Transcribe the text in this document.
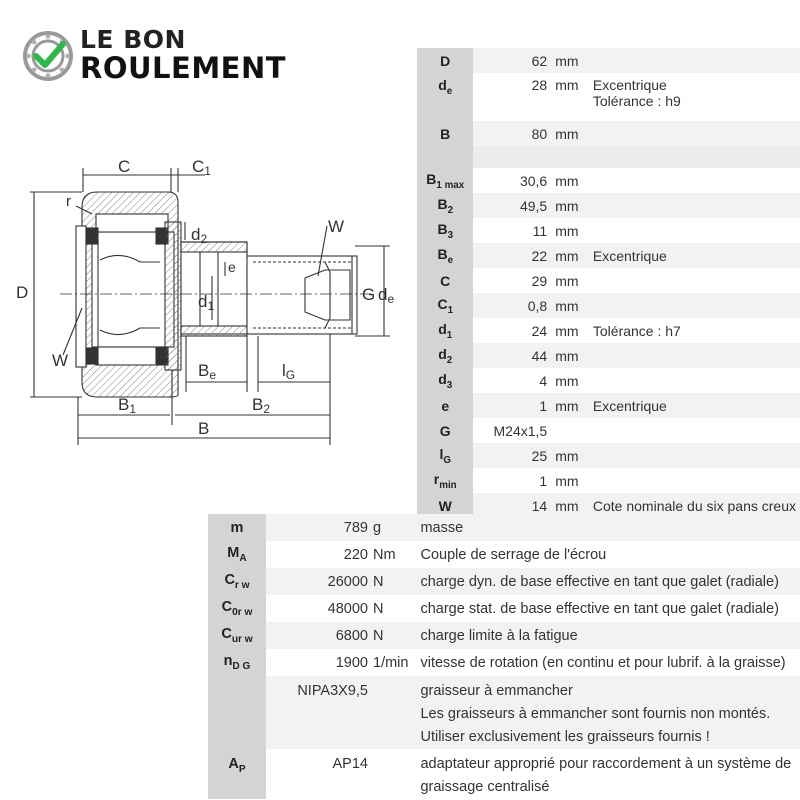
LE BON
ROULEMENT
C	C1
r
d2
W
D
e
d1
G de
W
Be	lG
B1	B2
B
D	62	mm	
$d_e$	28	mm	Excentrique
Tolérance : h9

B	80	mm	

$B_{1 max}$	30,6	mm	
$B_2$	49,5	mm	
$B_3$	11	mm	
$B_e$	22	mm	Excentrique

C	29	mm	
$C_1$	0,8	mm	
$d_1$	24	mm	Tolérance : h7

$d_2$	44	mm	
$d_3$	4	mm	
e	1	mm	Excentrique

G	M24x1,5		
$l_G$	25	mm	
$r_{min}$	1	mm	
W	14	mm	Cote nominale du six pans creux
m	789	g	masse

$M_A$	220	Nm	Couple de serrage de l'écrou

$C_{r w}$	26000	N	charge dyn. de base effective en tant que galet (radiale)

$C_{0r w}$	48000	N	charge stat. de base effective en tant que galet (radiale)

$C_{ur w}$	6800	N	charge limite à la fatigue

$n_{D G}$	1900	1/min	vitesse de rotation (en continu et pour lubrif. à la graisse)

	NIPA3X9,5		graisseur à emmancher
Les graisseurs à emmancher sont fournis non montés.
Utiliser exclusivement les graisseurs fournis !

$A_P$	AP14		adaptateur approprié pour raccordement à un système de
graissage centralisé
